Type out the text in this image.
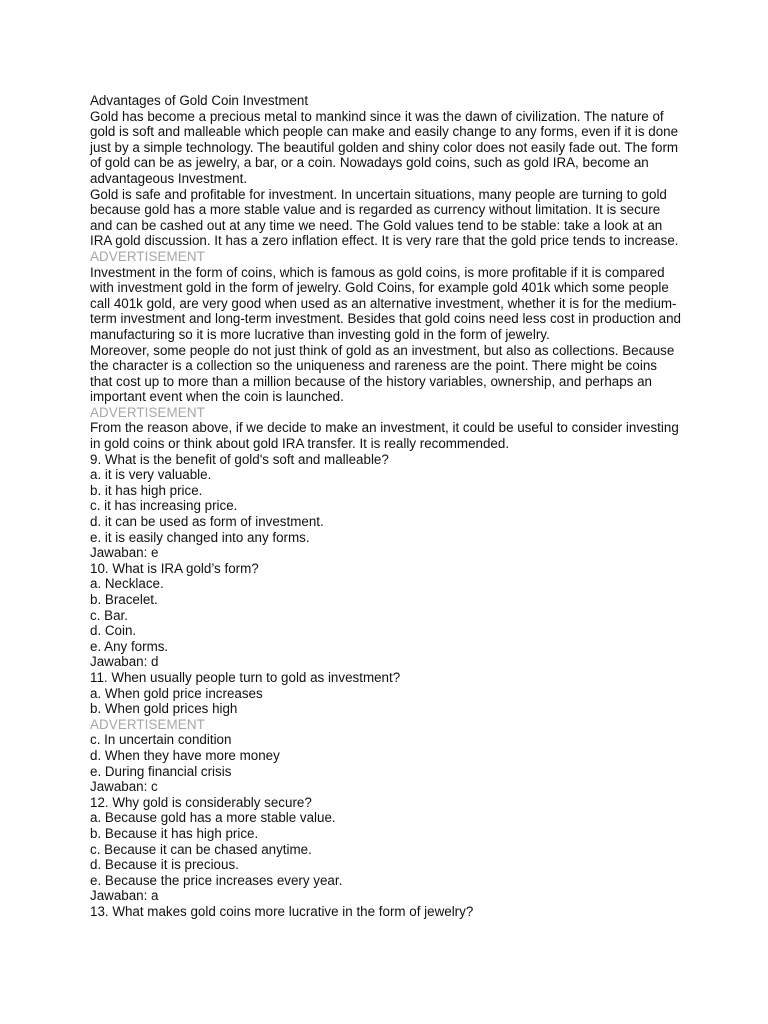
Advantages of Gold Coin Investment
Gold has become a precious metal to mankind since it was the dawn of civilization. The nature of gold is soft and malleable which people can make and easily change to any forms, even if it is done just by a simple technology. The beautiful golden and shiny color does not easily fade out. The form of gold can be as jewelry, a bar, or a coin. Nowadays gold coins, such as gold IRA, become an advantageous Investment.
Gold is safe and profitable for investment. In uncertain situations, many people are turning to gold because gold has a more stable value and is regarded as currency without limitation. It is secure and can be cashed out at any time we need. The Gold values tend to be stable: take a look at an IRA gold discussion. It has a zero inflation effect. It is very rare that the gold price tends to increase.
ADVERTISEMENT
Investment in the form of coins, which is famous as gold coins, is more profitable if it is compared with investment gold in the form of jewelry. Gold Coins, for example gold 401k which some people call 401k gold, are very good when used as an alternative investment, whether it is for the medium-term investment and long-term investment. Besides that gold coins need less cost in production and manufacturing so it is more lucrative than investing gold in the form of jewelry.
Moreover, some people do not just think of gold as an investment, but also as collections. Because the character is a collection so the uniqueness and rareness are the point. There might be coins that cost up to more than a million because of the history variables, ownership, and perhaps an important event when the coin is launched.
ADVERTISEMENT
From the reason above, if we decide to make an investment, it could be useful to consider investing in gold coins or think about gold IRA transfer. It is really recommended.
9. What is the benefit of gold's soft and malleable?
a. it is very valuable.
b. it has high price.
c. it has increasing price.
d. it can be used as form of investment.
e. it is easily changed into any forms.
Jawaban: e
10. What is IRA gold’s form?
a. Necklace.
b. Bracelet.
c. Bar.
d. Coin.
e. Any forms.
Jawaban: d
11. When usually people turn to gold as investment?
a. When gold price increases
b. When gold prices high
ADVERTISEMENT
c. In uncertain condition
d. When they have more money
e. During financial crisis
Jawaban: c
12. Why gold is considerably secure?
a. Because gold has a more stable value.
b. Because it has high price.
c. Because it can be chased anytime.
d. Because it is precious.
e. Because the price increases every year.
Jawaban: a
13. What makes gold coins more lucrative in the form of jewelry?
